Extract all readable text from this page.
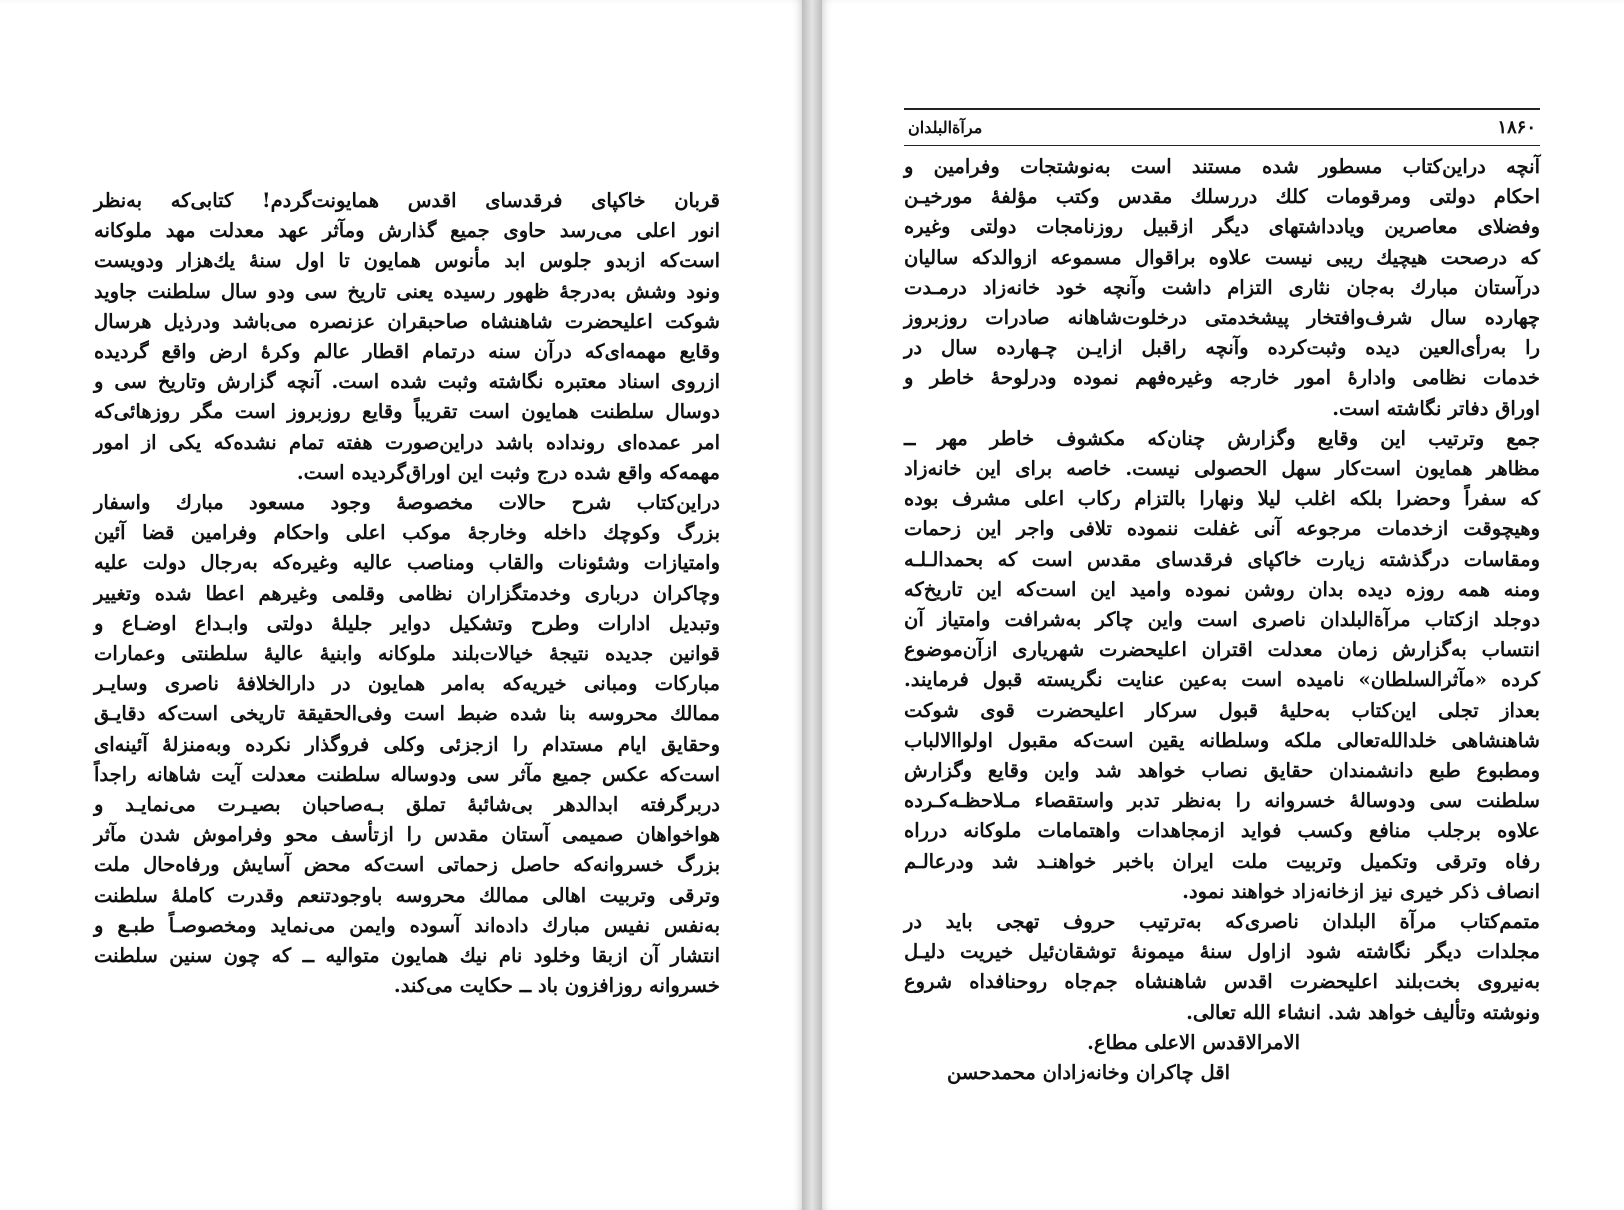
قربان خاکپای فرقدسای اقدس همایونت‌گردم! کتابی‌که به‌نظر
انور اعلی می‌رسد حاوی جمیع گذارش ومآثر عهد معدلت مهد ملوکانه
است‌که ازبدو جلوس ابد مأنوس همایون تا اول سنهٔ یك‌هزار ودویست
ونود وشش به‌درجهٔ ظهور رسیده یعنی تاریخ سی ودو سال سلطنت جاوید
شوکت اعلیحضرت شاهنشاه صاحبقران عزنصره می‌باشد ودرذیل هرسال
وقایع مهمه‌ای‌که درآن سنه درتمام اقطار عالم وکرهٔ ارض واقع گردیده
ازروی اسناد معتبره نگاشته وثبت شده است. آنچه گزارش وتاریخ سی و
دوسال سلطنت همایون است تقریباً وقایع روزبروز است مگر روزهائی‌که
امر عمده‌ای رونداده باشد دراین‌صورت هفته تمام نشده‌که یکی از امور
مهمه‌که واقع شده درج وثبت این اوراق‌گردیده است.
دراین‌کتاب شرح حالات مخصوصهٔ وجود مسعود مبارك واسفار
بزرگ وکوچك داخله وخارجهٔ موکب اعلی واحکام وفرامین قضا آئین
وامتیازات وشئونات والقاب ومناصب عالیه وغیره‌که به‌رجال دولت علیه
وچاکران درباری وخدمتگزاران نظامی وقلمی وغیرهم اعطا شده وتغییر
وتبدیل ادارات وطرح وتشکیل دوایر جلیلهٔ دولتی وابـداع اوضـاع و
قوانین جدیده نتیجهٔ خیالات‌بلند ملوکانه وابنیهٔ عالیهٔ سلطنتی وعمارات
مبارکات ومبانی خیریه‌که به‌امر همایون در دارالخلافهٔ ناصری وسایـر
ممالك محروسه بنا شده ضبط است وفی‌الحقیقة تاریخی است‌که دقایـق
وحقایق ایام مستدام را ازجزئی وکلی فروگذار نکرده وبه‌منزلهٔ آئینه‌ای
است‌که عکس جمیع مآثر سی ودوساله سلطنت معدلت آیت شاهانه راجداً
دربرگرفته ابدالدهر بی‌شائبهٔ تملق بـه‌صاحبان بصیـرت می‌نمایـد و
هواخواهان صمیمی آستان مقدس را ازتأسف محو وفراموش شدن مآثر
بزرگ خسروانه‌که حاصل زحماتی است‌که محض آسایش ورفاه‌حال ملت
وترقی وتربیت اهالی ممالك محروسه باوجودتنعم وقدرت کاملهٔ سلطنت
به‌نفس نفیس مبارك داده‌اند آسوده وایمن می‌نماید ومخصوصـاً طبـع و
انتشار آن ازبقا وخلود نام نیك همایون متوالیه ــ که چون سنین سلطنت
خسروانه روزافزون باد ــ حکایت می‌کند.
۱۸۶۰
مرآةالبلدان
آنچه دراین‌کتاب مسطور شده مستند است به‌نوشتجات وفرامین و
احکام دولتی ومرقومات کلك دررسلك مقدس وکتب مؤلفهٔ مورخیـن
وفضلای معاصرین ویادداشتهای دیگر ازقبیل روزنامجات دولتی وغیره
که درصحت هیچیك ریبی نیست علاوه براقوال مسموعه ازوالدکه سالیان
درآستان مبارك به‌جان نثاری التزام داشت وآنچه خود خانه‌زاد درمـدت
چهارده سال شرف‌وافتخار پیشخدمتی درخلوت‌شاهانه صادرات روزبروز
را به‌رأی‌العین دیده وثبت‌کرده وآنچه راقبل ازایـن چـهارده سال در
خدمات نظامی وادارهٔ امور خارجه وغیره‌فهم نموده ودرلوحهٔ خاطر و
اوراق دفاتر نگاشته است.
جمع وترتیب این وقایع وگزارش چنان‌که مکشوف خاطر مهر ــ
مظاهر همایون است‌کار سهل الحصولی نیست. خاصه برای این خانه‌زاد
که سفراً وحضرا بلکه اغلب لیلا ونهارا بالتزام رکاب اعلی مشرف بوده
وهیچوقت ازخدمات مرجوعه آنی غفلت ننموده تلافی واجر این زحمات
ومقاسات درگذشته زیارت خاکپای فرقدسای مقدس است که بحمدالـلـه
ومنه همه روزه دیده بدان روشن نموده وامید این است‌که این تاریخ‌که
دوجلد ازکتاب مرآةالبلدان ناصری است واین چاکر به‌شرافت وامتیاز آن
انتساب به‌گزارش زمان معدلت اقتران اعلیحضرت شهریاری ازآن‌موضوع
کرده «مآثرالسلطان» نامیده است به‌عین عنایت نگریسته قبول فرمایند.
بعداز تجلی این‌کتاب به‌حلیهٔ قبول سرکار اعلیحضرت قوی شوکت
شاهنشاهی خلدالله‌تعالی ملکه وسلطانه یقین است‌که مقبول اولواالالباب
ومطبوع طبع دانشمندان حقایق نصاب خواهد شد واین وقایع وگزارش
سلطنت سی ودوسالهٔ خسروانه را به‌نظر تدبر واستقصاء مـلاحظـه‌کـرده
علاوه برجلب منافع وکسب فواید ازمجاهدات واهتمامات ملوکانه درراه
رفاه وترقی وتکمیل وتربیت ملت ایران باخبر خواهنـد شد ودرعالـم
انصاف ذکر خیری نیز ازخانه‌زاد خواهند نمود.
متمم‌کتاب مرآة البلدان ناصری‌که به‌ترتیب حروف تهجی باید در
مجلدات دیگر نگاشته شود ازاول سنهٔ میمونهٔ توشقان‌ئیل خیریت دلیـل
به‌نیروی بخت‌بلند اعلیحضرت اقدس شاهنشاه جم‌جاه روحنافداه شروع
ونوشته وتألیف خواهد شد. انشاء الله تعالی.
الامرالاقدس الاعلی مطاع.
اقل چاکران وخانه‌زادان محمدحسن
